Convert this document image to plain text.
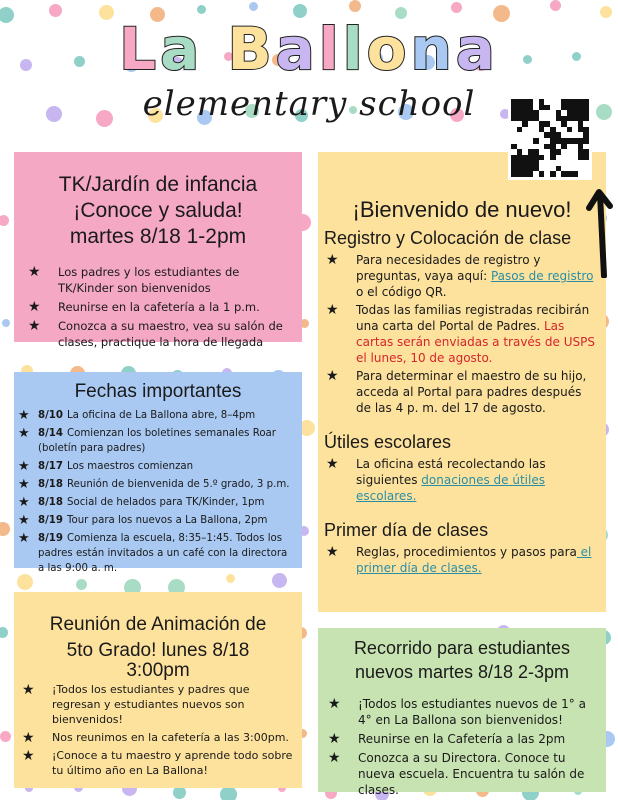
La Ballona
elementary school
TK/Jardín de infancia
¡Conoce y saluda!
martes 8/18 1-2pm
★ Los padres y los estudiantes de TK/Kinder son bienvenidos
★ Reunirse en la cafetería a la 1 p.m.
★ Conozca a su maestro, vea su salón de clases, practique la hora de llegada
Fechas importantes
★ 8/10 La oficina de La Ballona abre, 8–4pm
★ 8/14 Comienzan los boletines semanales Roar (boletín para padres)
★ 8/17 Los maestros comienzan
★ 8/18 Reunión de bienvenida de 5.º grado, 3 p.m.
★ 8/18 Social de helados para TK/Kinder, 1pm
★ 8/19 Tour para los nuevos a La Ballona, 2pm
★ 8/19 Comienza la escuela, 8:35–1:45. Todos los padres están invitados a un café con la directora a las 9:00 a. m.
Reunión de Animación de
5to Grado! lunes 8/18
3:00pm
★ ¡Todos los estudiantes y padres que regresan y estudiantes nuevos son bienvenidos!
★ Nos reunimos en la cafetería a las 3:00pm.
★ ¡Conoce a tu maestro y aprende todo sobre tu último año en La Ballona!
¡Bienvenido de nuevo!
Registro y Colocación de clase
★ Para necesidades de registro y preguntas, vaya aquí: Pasos de registro o el código QR.
★ Todas las familias registradas recibirán una carta del Portal de Padres. Las cartas serán enviadas a través de USPS el lunes, 10 de agosto.
★ Para determinar el maestro de su hijo, acceda al Portal para padres después de las 4 p. m. del 17 de agosto.
Útiles escolares
★ La oficina está recolectando las siguientes donaciones de útiles escolares.
Primer día de clases
★ Reglas, procedimientos y pasos para el primer día de clases.
Recorrido para estudiantes
nuevos martes 8/18 2-3pm
★ ¡Todos los estudiantes nuevos de 1° a 4° en La Ballona son bienvenidos!
★ Reunirse en la Cafetería a las 2pm
★ Conozca a su Directora. Conoce tu nueva escuela. Encuentra tu salón de clases.
